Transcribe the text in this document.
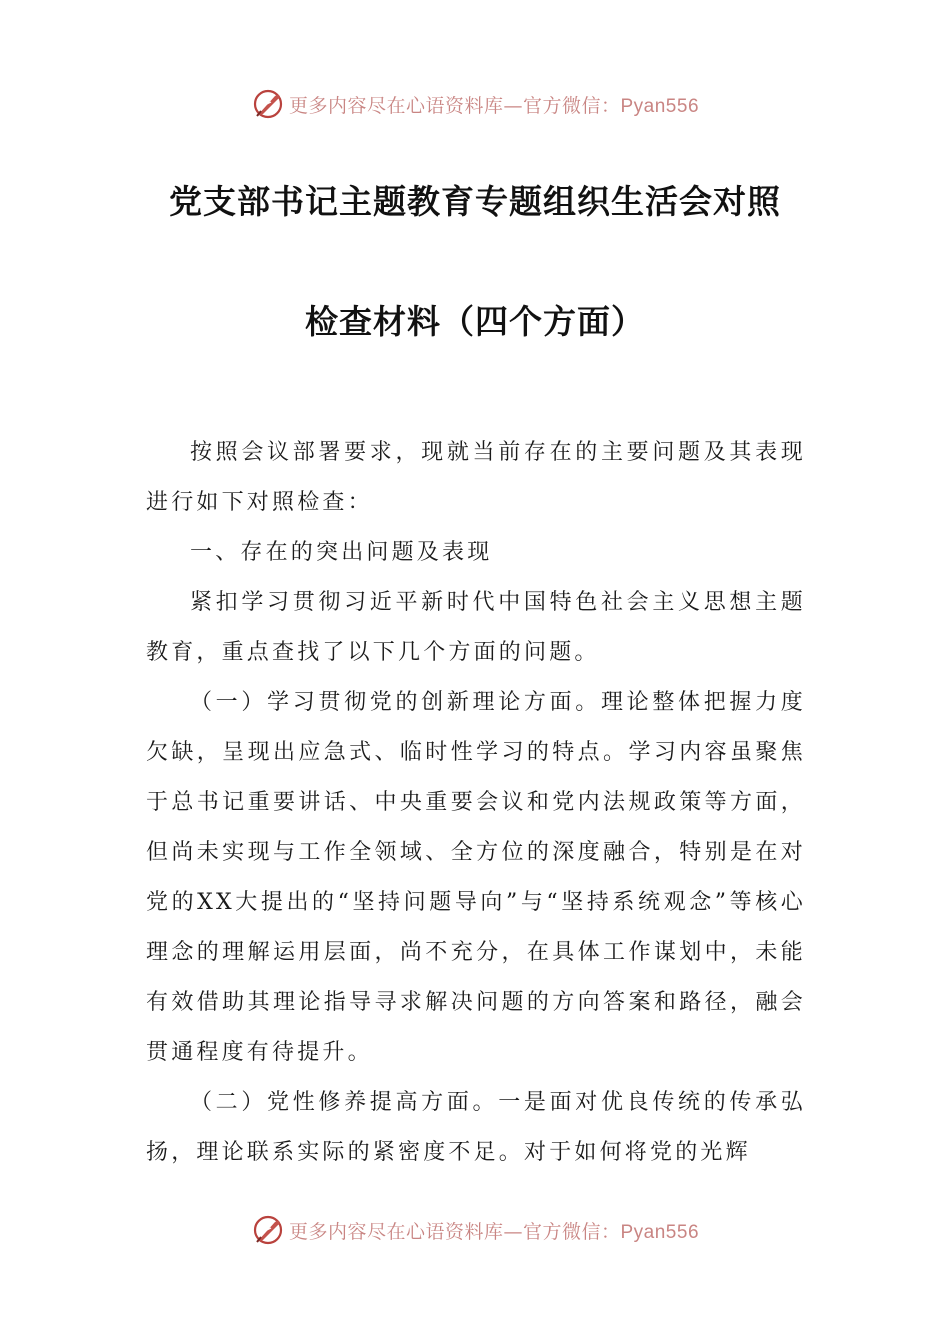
更多内容尽在心语资料库—官方微信：Pyan556
党支部书记主题教育专题组织生活会对照
检查材料（四个方面）

按照会议部署要求，现就当前存在的主要问题及其表现进行如下对照检查：

一、存在的突出问题及表现

紧扣学习贯彻习近平新时代中国特色社会主义思想主题教育，重点查找了以下几个方面的问题。

（一）学习贯彻党的创新理论方面。理论整体把握力度欠缺，呈现出应急式、临时性学习的特点。学习内容虽聚焦于总书记重要讲话、中央重要会议和党内法规政策等方面，但尚未实现与工作全领域、全方位的深度融合，特别是在对党的XX大提出的“坚持问题导向”与“坚持系统观念”等核心理念的理解运用层面，尚不充分，在具体工作谋划中，未能有效借助其理论指导寻求解决问题的方向答案和路径，融会贯通程度有待提升。

（二）党性修养提高方面。一是面对优良传统的传承弘扬，理论联系实际的紧密度不足。对于如何将党的光辉

更多内容尽在心语资料库—官方微信：Pyan556
